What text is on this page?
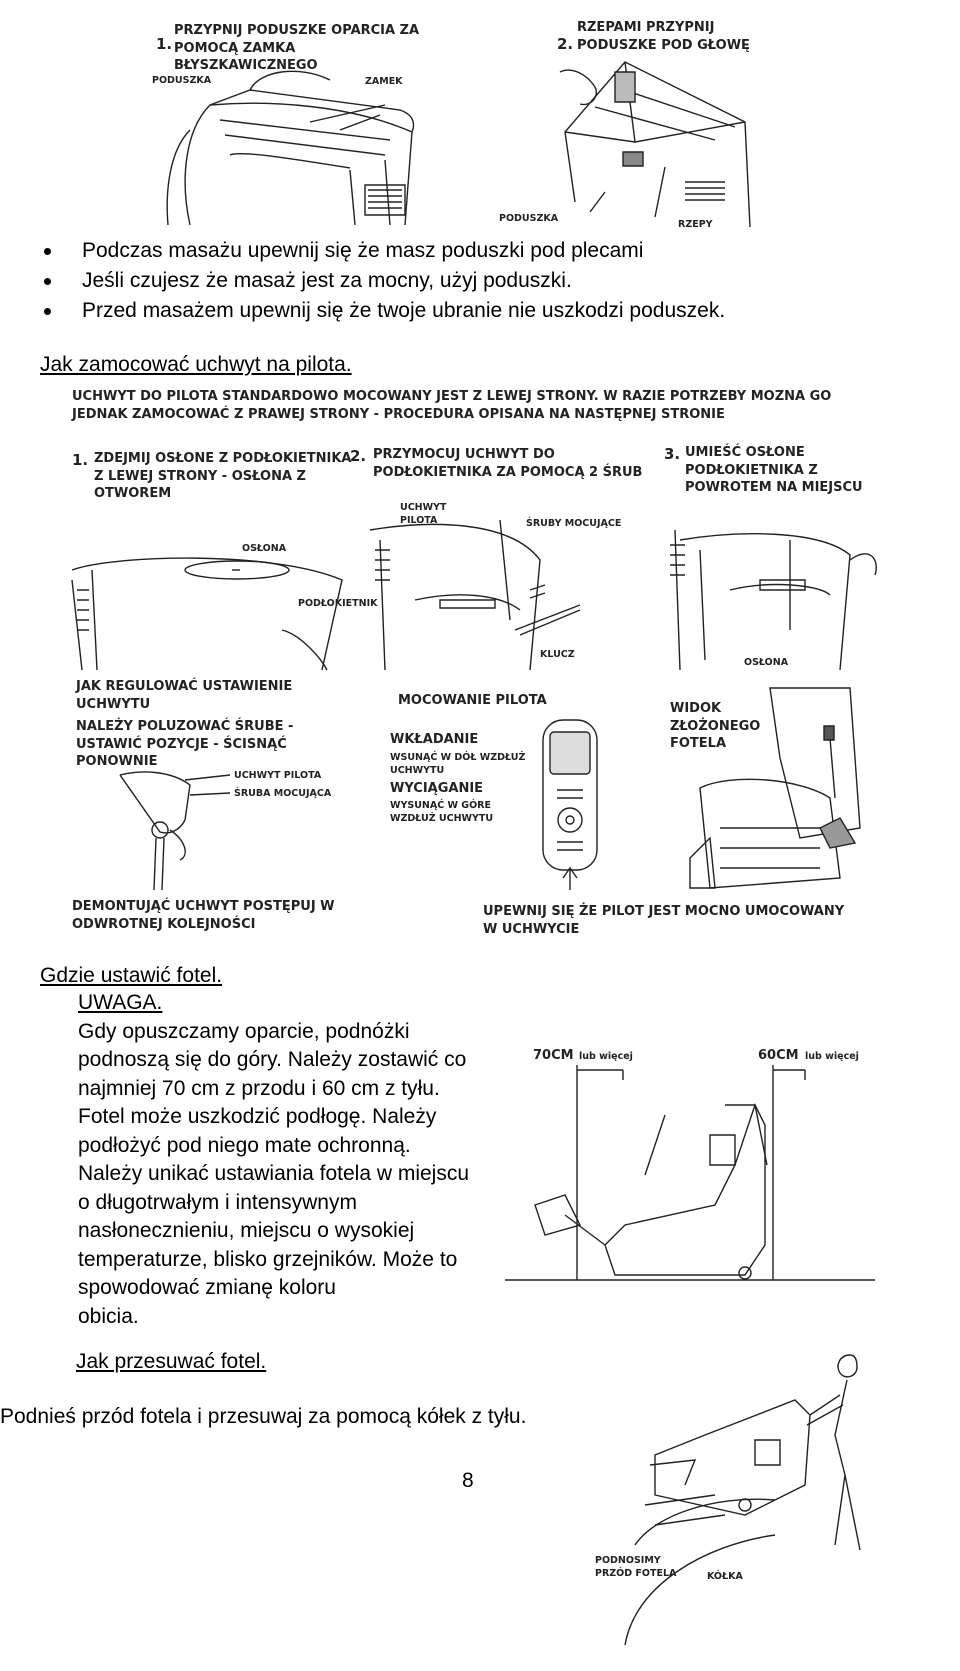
1.
PRZYPNIJ PODUSZKE OPARCIA ZA POMOCĄ ZAMKA BŁYSZKAWICZNEGO
PODUSZKA	ZAMEK
2.
RZEPAMI PRZYPNIJ PODUSZKE POD GŁOWĘ
PODUSZKA
RZEPY
Podczas masażu upewnij się że masz poduszki pod plecami
Jeśli czujesz że masaż jest za mocny, użyj poduszki.
Przed masażem upewnij się że twoje ubranie nie uszkodzi poduszek.
Jak zamocować uchwyt na pilota.
UCHWYT DO PILOTA STANDARDOWO MOCOWANY JEST Z LEWEJ STRONY. W RAZIE POTRZEBY MOZNA GO JEDNAK ZAMOCOWAĆ Z PRAWEJ STRONY - PROCEDURA OPISANA NA NASTĘPNEJ STRONIE
1. ZDEJMIJ OSŁONE Z PODŁOKIETNIKA Z LEWEJ STRONY - OSŁONA Z OTWOREM
OSŁONA
PODŁOKIETNIK
2. PRZYMOCUJ UCHWYT DO PODŁOKIETNIKA ZA POMOCĄ 2 ŚRUB
UCHWYT PILOTA	ŚRUBY MOCUJĄCE
KLUCZ
3. UMIEŚĆ OSŁONE PODŁOKIETNIKA Z POWROTEM NA MIEJSCU
OSŁONA
JAK REGULOWAĆ USTAWIENIE UCHWYTU
NALEŻY POLUZOWAĆ ŚRUBE - USTAWIĆ POZYCJE - ŚCISNĄĆ PONOWNIE
UCHWYT PILOTA
ŚRUBA MOCUJĄCA
DEMONTUJĄĆ UCHWYT POSTĘPUJ W ODWROTNEJ KOLEJNOŚCI
MOCOWANIE PILOTA
WKŁADANIE
WSUNĄĆ W DÓŁ WZDŁUŻ UCHWYTU
WYCIĄGANIE
WYSUNĄĆ W GÓRE WZDŁUŻ UCHWYTU
WIDOK ZŁOŻONEGO FOTELA
UPEWNIJ SIĘ ŻE PILOT JEST MOCNO UMOCOWANY W UCHWYCIE
Gdzie ustawić fotel.
UWAGA.
Gdy opuszczamy oparcie, podnóżki
podnoszą się do góry. Należy zostawić co
najmniej 70 cm z przodu i 60 cm z tyłu.
Fotel może uszkodzić podłogę. Należy
podłożyć pod niego mate ochronną.
Należy unikać ustawiania fotela w miejscu
o długotrwałym i intensywnym
nasłonecznieniu, miejscu o wysokiej
temperaturze, blisko grzejników. Może to
spowodować zmianę koloru
obicia.
70CM lub więcej	60CM lub więcej
Jak przesuwać fotel.
Podnieś przód fotela i przesuwaj za pomocą kółek z tyłu.
PODNOSIMY PRZÓD FOTELA	KÓŁKA
8
